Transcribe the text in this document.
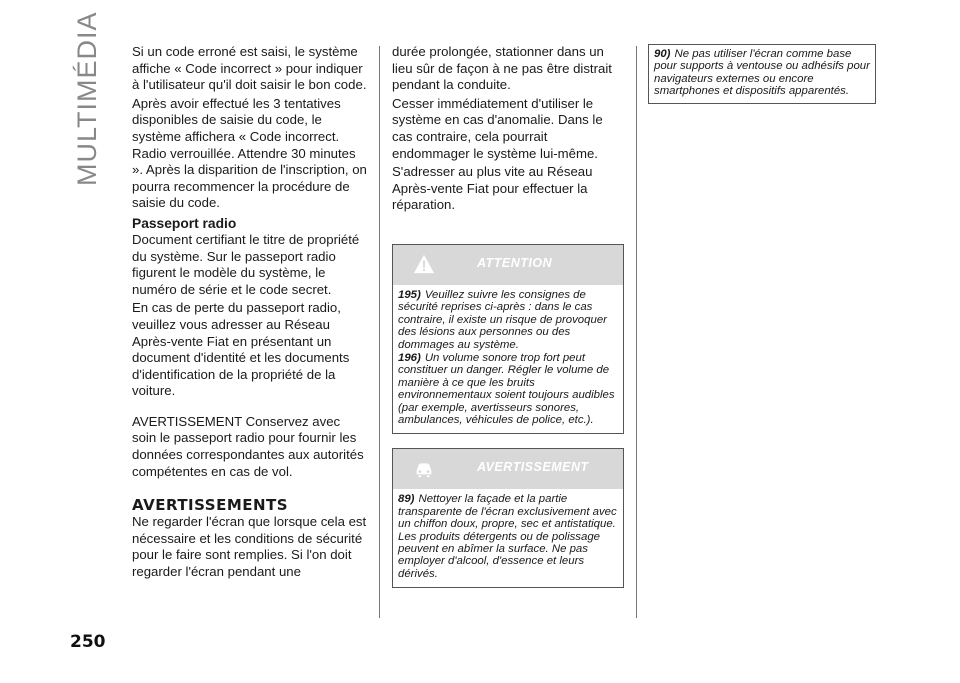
MULTIMÉDIA
250

Si un code erroné est saisi, le système affiche « Code incorrect » pour indiquer à l'utilisateur qu'il doit saisir le bon code.

Après avoir effectué les 3 tentatives disponibles de saisie du code, le système affichera « Code incorrect. Radio verrouillée. Attendre 30 minutes ». Après la disparition de l'inscription, on pourra recommencer la procédure de saisie du code.

Passeport radio

Document certifiant le titre de propriété du système. Sur le passeport radio figurent le modèle du système, le numéro de série et le code secret.

En cas de perte du passeport radio, veuillez vous adresser au Réseau Après-vente Fiat en présentant un document d'identité et les documents d'identification de la propriété de la voiture.

AVERTISSEMENT Conservez avec soin le passeport radio pour fournir les données correspondantes aux autorités compétentes en cas de vol.

AVERTISSEMENTS

Ne regarder l'écran que lorsque cela est nécessaire et les conditions de sécurité pour le faire sont remplies. Si l'on doit regarder l'écran pendant une

durée prolongée, stationner dans un lieu sûr de façon à ne pas être distrait pendant la conduite.

Cesser immédiatement d'utiliser le système en cas d'anomalie. Dans le cas contraire, cela pourrait endommager le système lui-même.

S'adresser au plus vite au Réseau Après-vente Fiat pour effectuer la réparation.

ATTENTION

195) Veuillez suivre les consignes de sécurité reprises ci-après : dans le cas contraire, il existe un risque de provoquer des lésions aux personnes ou des dommages au système.

196) Un volume sonore trop fort peut constituer un danger. Régler le volume de manière à ce que les bruits environnementaux soient toujours audibles (par exemple, avertisseurs sonores, ambulances, véhicules de police, etc.).

AVERTISSEMENT

89) Nettoyer la façade et la partie transparente de l'écran exclusivement avec un chiffon doux, propre, sec et antistatique. Les produits détergents ou de polissage peuvent en abîmer la surface. Ne pas employer d'alcool, d'essence et leurs dérivés.

90) Ne pas utiliser l'écran comme base pour supports à ventouse ou adhésifs pour navigateurs externes ou encore smartphones et dispositifs apparentés.
